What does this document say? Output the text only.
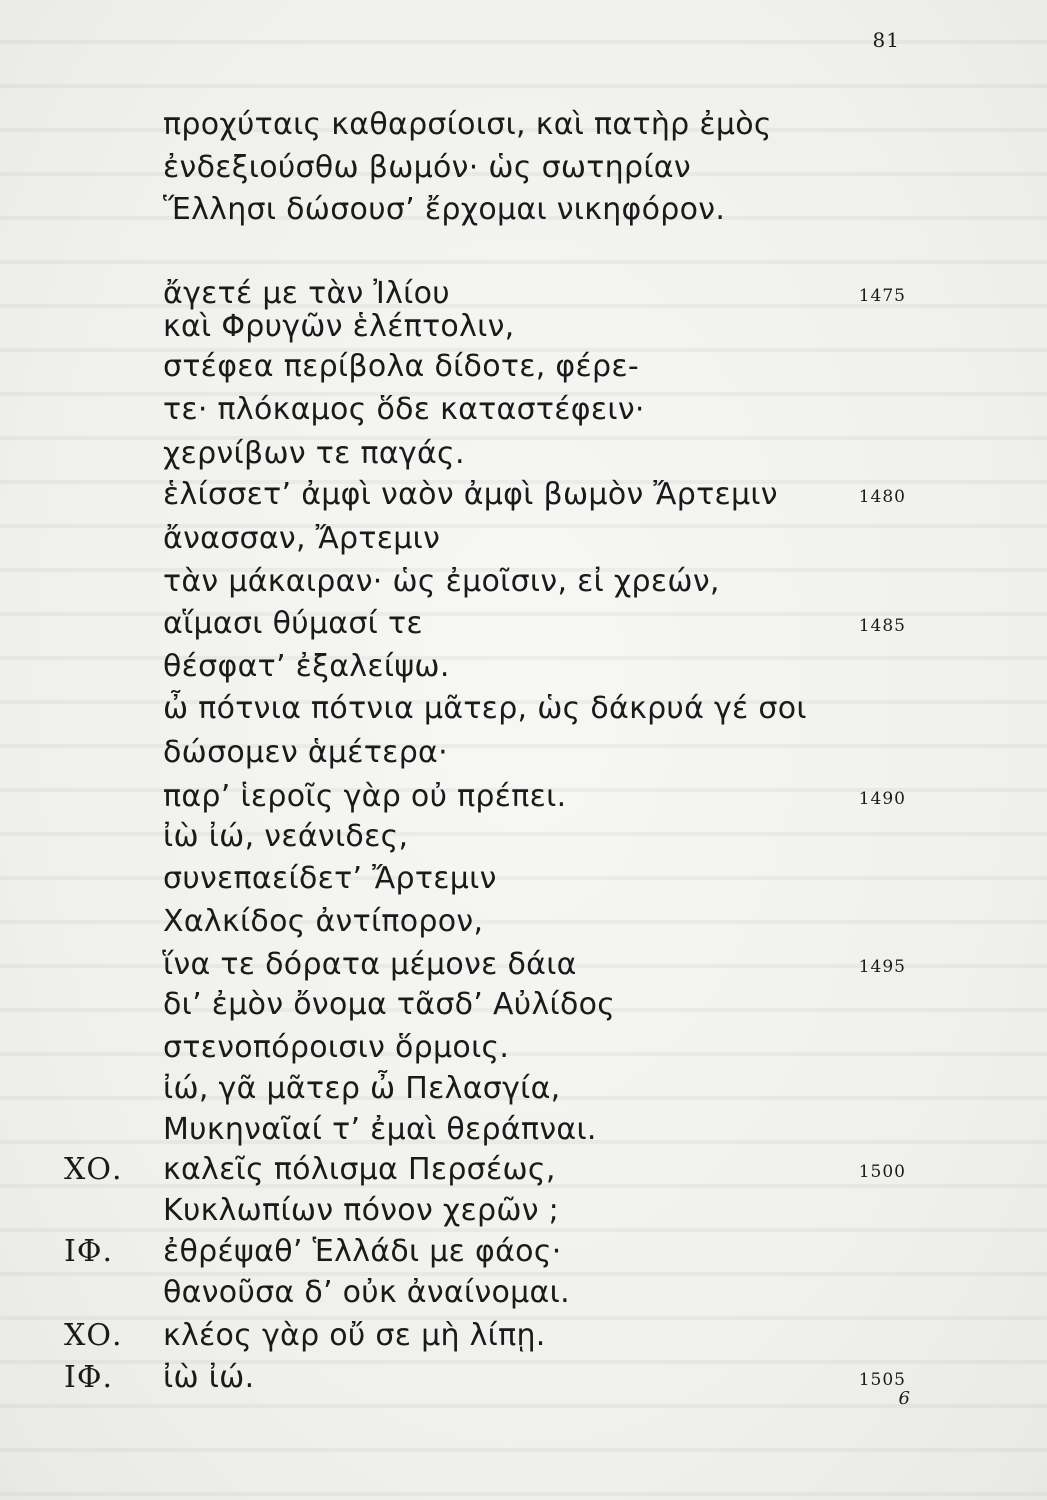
81
προχύταις καθαρσίοισι, καὶ πατὴρ ἐμὸς
ἐνδεξιούσθω βωμόν· ὡς σωτηρίαν
Ἕλλησι δώσουσ’ ἔρχομαι νικηφόρον.
ἄγετέ με τὰν Ἰλίου	1475
καὶ Φρυγῶν ἑλέπτολιν,
στέφεα περίβολα δίδοτε, φέρε-
τε· πλόκαμος ὅδε καταστέφειν·
χερνίβων τε παγάς.
ἑλίσσετ’ ἀμφὶ ναὸν ἀμφὶ βωμὸν Ἄρτεμιν	1480
ἄνασσαν, Ἄρτεμιν
τὰν μάκαιραν· ὡς ἐμοῖσιν, εἰ χρεών,
αἵμασι θύμασί τε	1485
θέσφατ’ ἐξαλείψω.
ὦ πότνια πότνια μᾶτερ, ὡς δάκρυά γέ σοι
δώσομεν ἁμέτερα·
παρ’ ἱεροῖς γὰρ οὐ πρέπει.	1490
ἰὼ ἰώ, νεάνιδες,
συνεπαείδετ’ Ἄρτεμιν
Χαλκίδος ἀντίπορον,
ἵνα τε δόρατα μέμονε δάια	1495
δι’ ἐμὸν ὄνομα τᾶσδ’ Αὐλίδος
στενοπόροισιν ὅρμοις.
ἰώ, γᾶ μᾶτερ ὦ Πελασγία,
Μυκηναῖαί τ’ ἐμαὶ θεράπναι.
ΧΟ. καλεῖς πόλισμα Περσέως,	1500
Κυκλωπίων πόνον χερῶν ;
ΙΦ. ἐθρέψαθ’ Ἑλλάδι με φάος·
θανοῦσα δ’ οὐκ ἀναίνομαι.
ΧΟ. κλέος γὰρ οὔ σε μὴ λίπῃ.
ΙΦ. ἰὼ ἰώ.	1505
6
